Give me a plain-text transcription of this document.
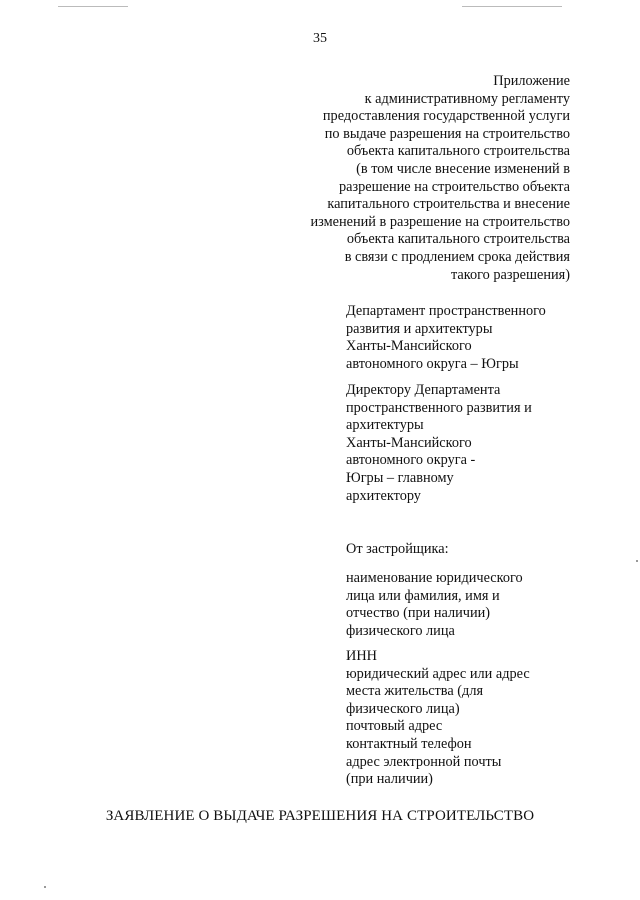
35
Приложение
к административному регламенту
предоставления государственной услуги
по выдаче разрешения на строительство
объекта капитального строительства
(в том числе внесение изменений в
разрешение на строительство объекта
капитального строительства и внесение
изменений в разрешение на строительство
объекта капитального строительства
в связи с продлением срока действия
такого разрешения)
Департамент пространственного
развития и архитектуры
Ханты-Мансийского
автономного округа – Югры
Директору Департамента
пространственного развития и
архитектуры
Ханты-Мансийского
автономного округа -
Югры – главному
архитектору
От застройщика:
наименование юридического
лица или фамилия, имя и
отчество (при наличии)
физического лица
ИНН
юридический адрес или адрес
места жительства (для
физического лица)
почтовый адрес
контактный телефон
адрес электронной почты
(при наличии)
ЗАЯВЛЕНИЕ О ВЫДАЧЕ РАЗРЕШЕНИЯ НА СТРОИТЕЛЬСТВО
